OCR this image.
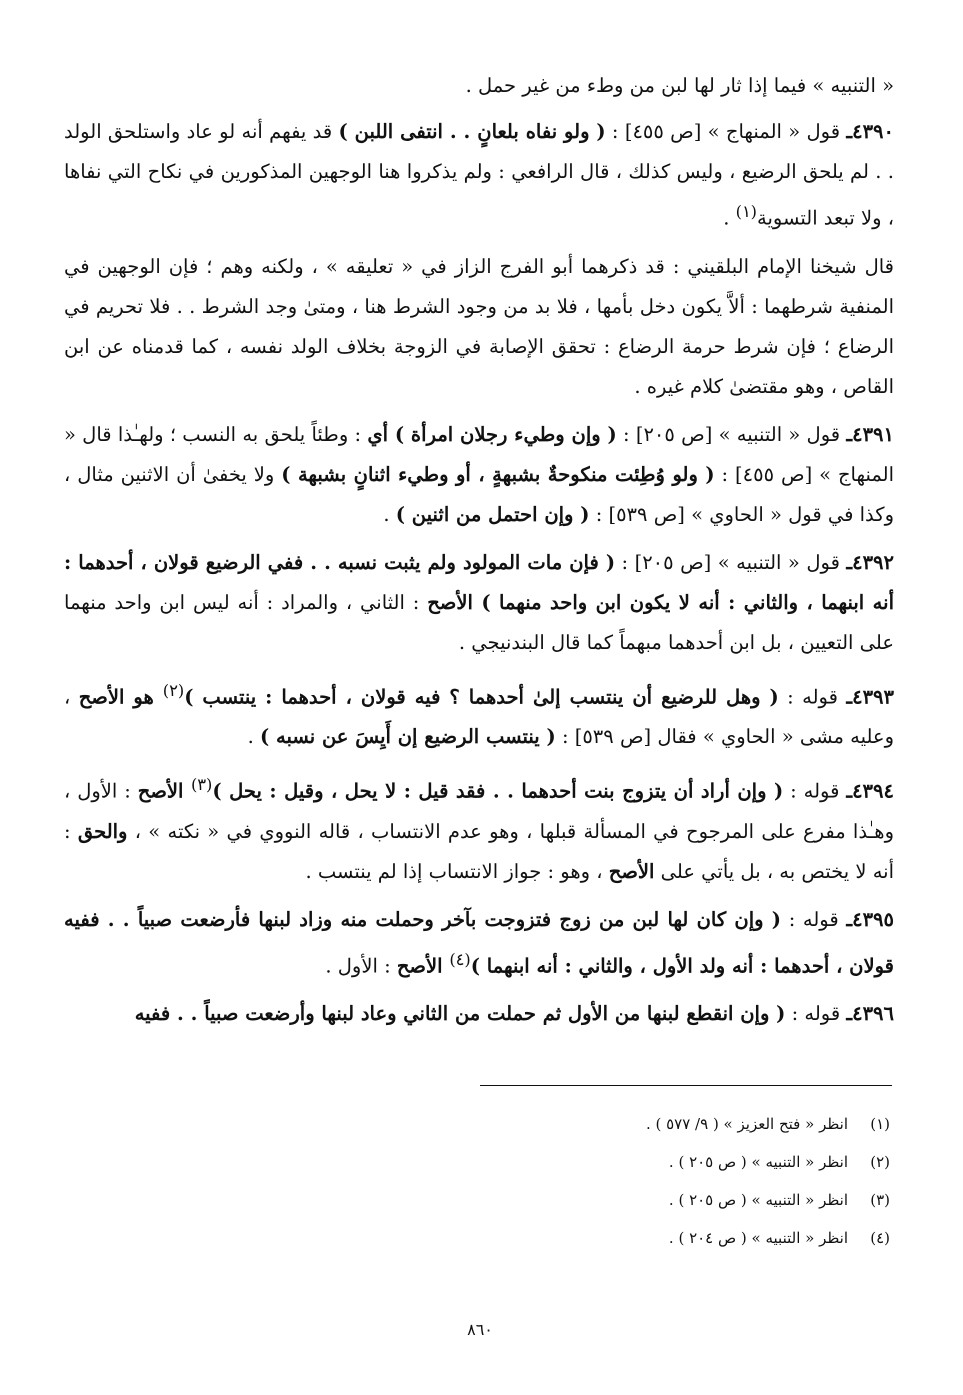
« التنبيه » فيما إذا ثار لها لبن من وطء من غير حمل .

٤٣٩٠ـ قول « المنهاج » [ص ٤٥٥] : ( ولو نفاه بلعانٍ . . انتفى اللبن ) قد يفهم أنه لو عاد واستلحق الولد . . لم يلحق الرضيع ، وليس كذلك ، قال الرافعي : ولم يذكروا هنا الوجهين المذكورين في نكاح التي نفاها ، ولا تبعد التسوية$^{(١)}$ .

قال شيخنا الإمام البلقيني : قد ذكرهما أبو الفرج الزاز في « تعليقه » ، ولكنه وهم ؛ فإن الوجهين في المنفية شرطهما : ألاَّ يكون دخل بأمها ، فلا بد من وجود الشرط هنا ، ومتىٰ وجد الشرط . . فلا تحريم في الرضاع ؛ فإن شرط حرمة الرضاع : تحقق الإصابة في الزوجة بخلاف الولد نفسه ، كما قدمناه عن ابن القاص ، وهو مقتضىٰ كلام غيره .

٤٣٩١ـ قول « التنبيه » [ص ٢٠٥] : ( وإن وطيء رجلان امرأة ) أي : وطئاً يلحق به النسب ؛ ولهـٰذا قال « المنهاج » [ص ٤٥٥] : ( ولو وُطِئت منكوحةٌ بشبهةٍ ، أو وطيء اثنانٍ بشبهة ) ولا يخفىٰ أن الاثنين مثال ، وكذا في قول « الحاوي » [ص ٥٣٩] : ( وإن احتمل من اثنين ) .

٤٣٩٢ـ قول « التنبيه » [ص ٢٠٥] : ( فإن مات المولود ولم يثبت نسبه . . ففي الرضيع قولان ، أحدهما : أنه ابنهما ، والثاني : أنه لا يكون ابن واحد منهما ) الأصح : الثاني ، والمراد : أنه ليس ابن واحد منهما على التعيين ، بل ابن أحدهما مبهماً كما قال البندنيجي .

٤٣٩٣ـ قوله : ( وهل للرضيع أن ينتسب إلىٰ أحدهما ؟ فيه قولان ، أحدهما : ينتسب )$^{(٢)}$ هو الأصح ، وعليه مشى « الحاوي » فقال [ص ٥٣٩] : ( ينتسب الرضيع إن أَيِسَ عن نسبه ) .

٤٣٩٤ـ قوله : ( وإن أراد أن يتزوج بنت أحدهما . . فقد قيل : لا يحل ، وقيل : يحل )$^{(٣)}$ الأصح : الأول ، وهـٰذا مفرع على المرجوح في المسألة قبلها ، وهو عدم الانتساب ، قاله النووي في « نكته » ، والحق : أنه لا يختص به ، بل يأتي على الأصح ، وهو : جواز الانتساب إذا لم ينتسب .

٤٣٩٥ـ قوله : ( وإن كان لها لبن من زوج فتزوجت بآخر وحملت منه وزاد لبنها فأرضعت صبياً . . ففيه قولان ، أحدهما : أنه ولد الأول ، والثاني : أنه ابنهما )$^{(٤)}$ الأصح : الأول .

٤٣٩٦ـ قوله : ( وإن انقطع لبنها من الأول ثم حملت من الثاني وعاد لبنها وأرضعت صبياً . . ففيه

(١)انظر « فتح العزيز » ( ٩/ ٥٧٧ ) .
(٢)انظر « التنبيه » ( ص ٢٠٥ ) .
(٣)انظر « التنبيه » ( ص ٢٠٥ ) .
(٤)انظر « التنبيه » ( ص ٢٠٤ ) .
٨٦٠
